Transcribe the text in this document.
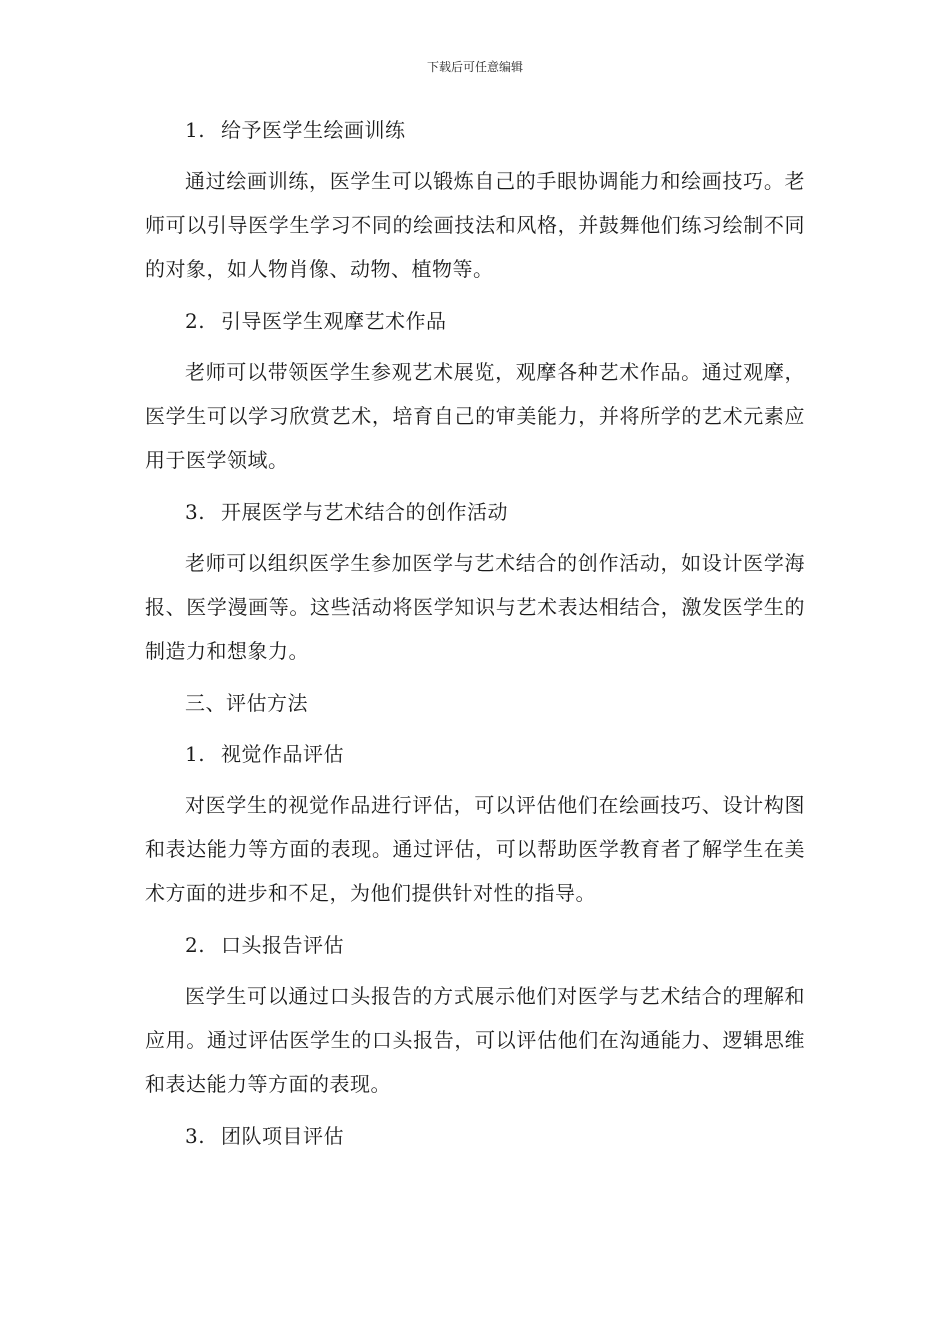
下载后可任意编辑

1. 给予医学生绘画训练

通过绘画训练，医学生可以锻炼自己的手眼协调能力和绘画技巧。老师可以引导医学生学习不同的绘画技法和风格，并鼓舞他们练习绘制不同的对象，如人物肖像、动物、植物等。

2. 引导医学生观摩艺术作品

老师可以带领医学生参观艺术展览，观摩各种艺术作品。通过观摩，医学生可以学习欣赏艺术，培育自己的审美能力，并将所学的艺术元素应用于医学领域。

3. 开展医学与艺术结合的创作活动

老师可以组织医学生参加医学与艺术结合的创作活动，如设计医学海报、医学漫画等。这些活动将医学知识与艺术表达相结合，激发医学生的制造力和想象力。

三、评估方法

1. 视觉作品评估

对医学生的视觉作品进行评估，可以评估他们在绘画技巧、设计构图和表达能力等方面的表现。通过评估，可以帮助医学教育者了解学生在美术方面的进步和不足，为他们提供针对性的指导。

2. 口头报告评估

医学生可以通过口头报告的方式展示他们对医学与艺术结合的理解和应用。通过评估医学生的口头报告，可以评估他们在沟通能力、逻辑思维和表达能力等方面的表现。

3. 团队项目评估
